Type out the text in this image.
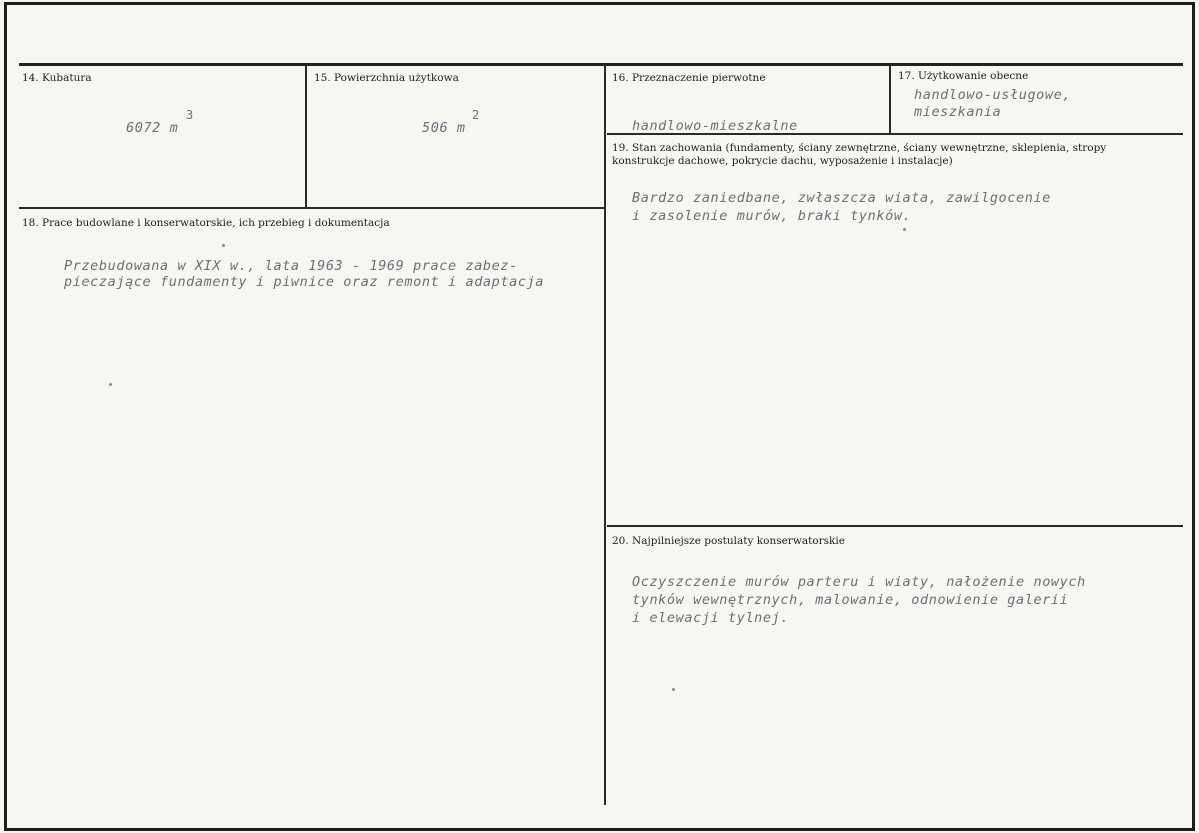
14. Kubatura
6072 m
3
15. Powierzchnia użytkowa
506 m
2
16. Przeznaczenie pierwotne
handlowo-mieszkalne
17. Użytkowanie obecne
handlowo-usługowe,
mieszkania
18. Prace budowlane i konserwatorskie, ich przebieg i dokumentacja
Przebudowana w XIX w., lata 1963 - 1969 prace zabez-
pieczające fundamenty i piwnice oraz remont i adaptacja
19. Stan zachowania (fundamenty, ściany zewnętrzne, ściany wewnętrzne, sklepienia, stropy
konstrukcje dachowe, pokrycie dachu, wyposażenie i instalacje)
Bardzo zaniedbane, zwłaszcza wiata, zawilgocenie
i zasolenie murów, braki tynków.
20. Najpilniejsze postulaty konserwatorskie
Oczyszczenie murów parteru i wiaty, nałożenie nowych
tynków wewnętrznych, malowanie, odnowienie galerii
i elewacji tylnej.
